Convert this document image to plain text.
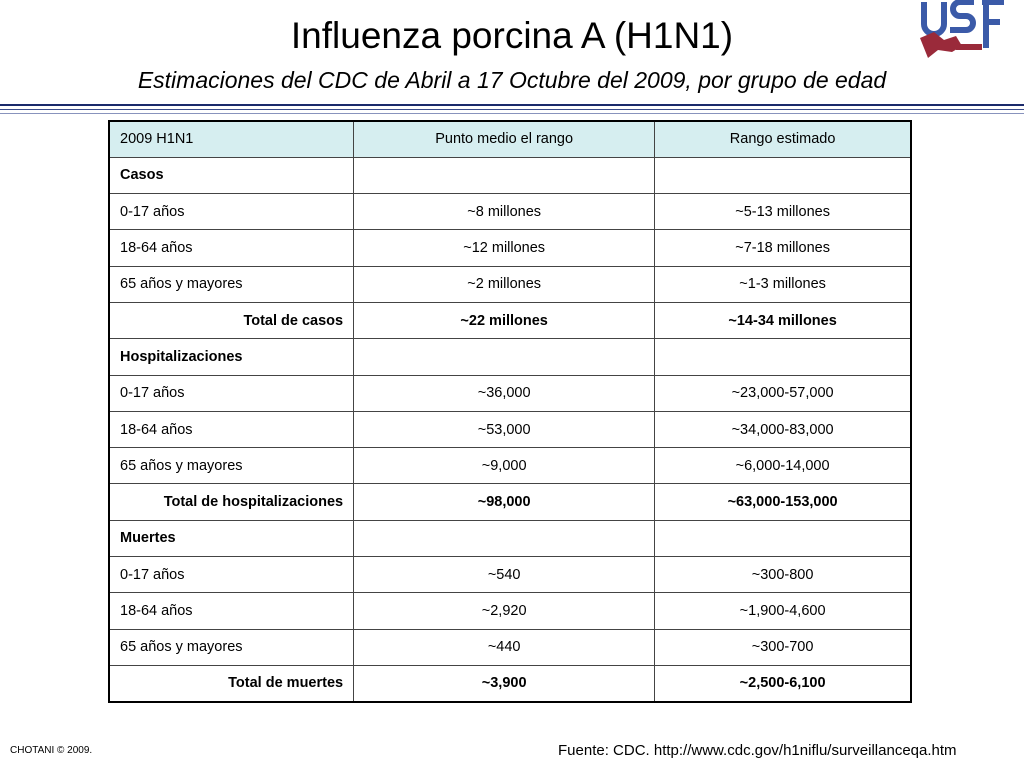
Influenza porcina A (H1N1)
Estimaciones del CDC de Abril a 17 Octubre del 2009, por grupo de edad
USF
2009 H1N1	Punto medio el rango	Rango estimado
Casos		
0-17 años	~8 millones	~5-13 millones
18-64 años	~12 millones	~7-18 millones
65 años y mayores	~2 millones	~1-3 millones
Total de casos	~22 millones	~14-34 millones
Hospitalizaciones		
0-17 años	~36,000	~23,000-57,000
18-64 años	~53,000	~34,000-83,000
65 años y mayores	~9,000	~6,000-14,000
Total de hospitalizaciones	~98,000	~63,000-153,000
Muertes		
0-17 años	~540	~300-800
18-64 años	~2,920	~1,900-4,600
65 años y mayores	~440	~300-700
Total de muertes	~3,900	~2,500-6,100
CHOTANI © 2009.	Fuente: CDC. http://www.cdc.gov/h1niflu/surveillanceqa.htm
